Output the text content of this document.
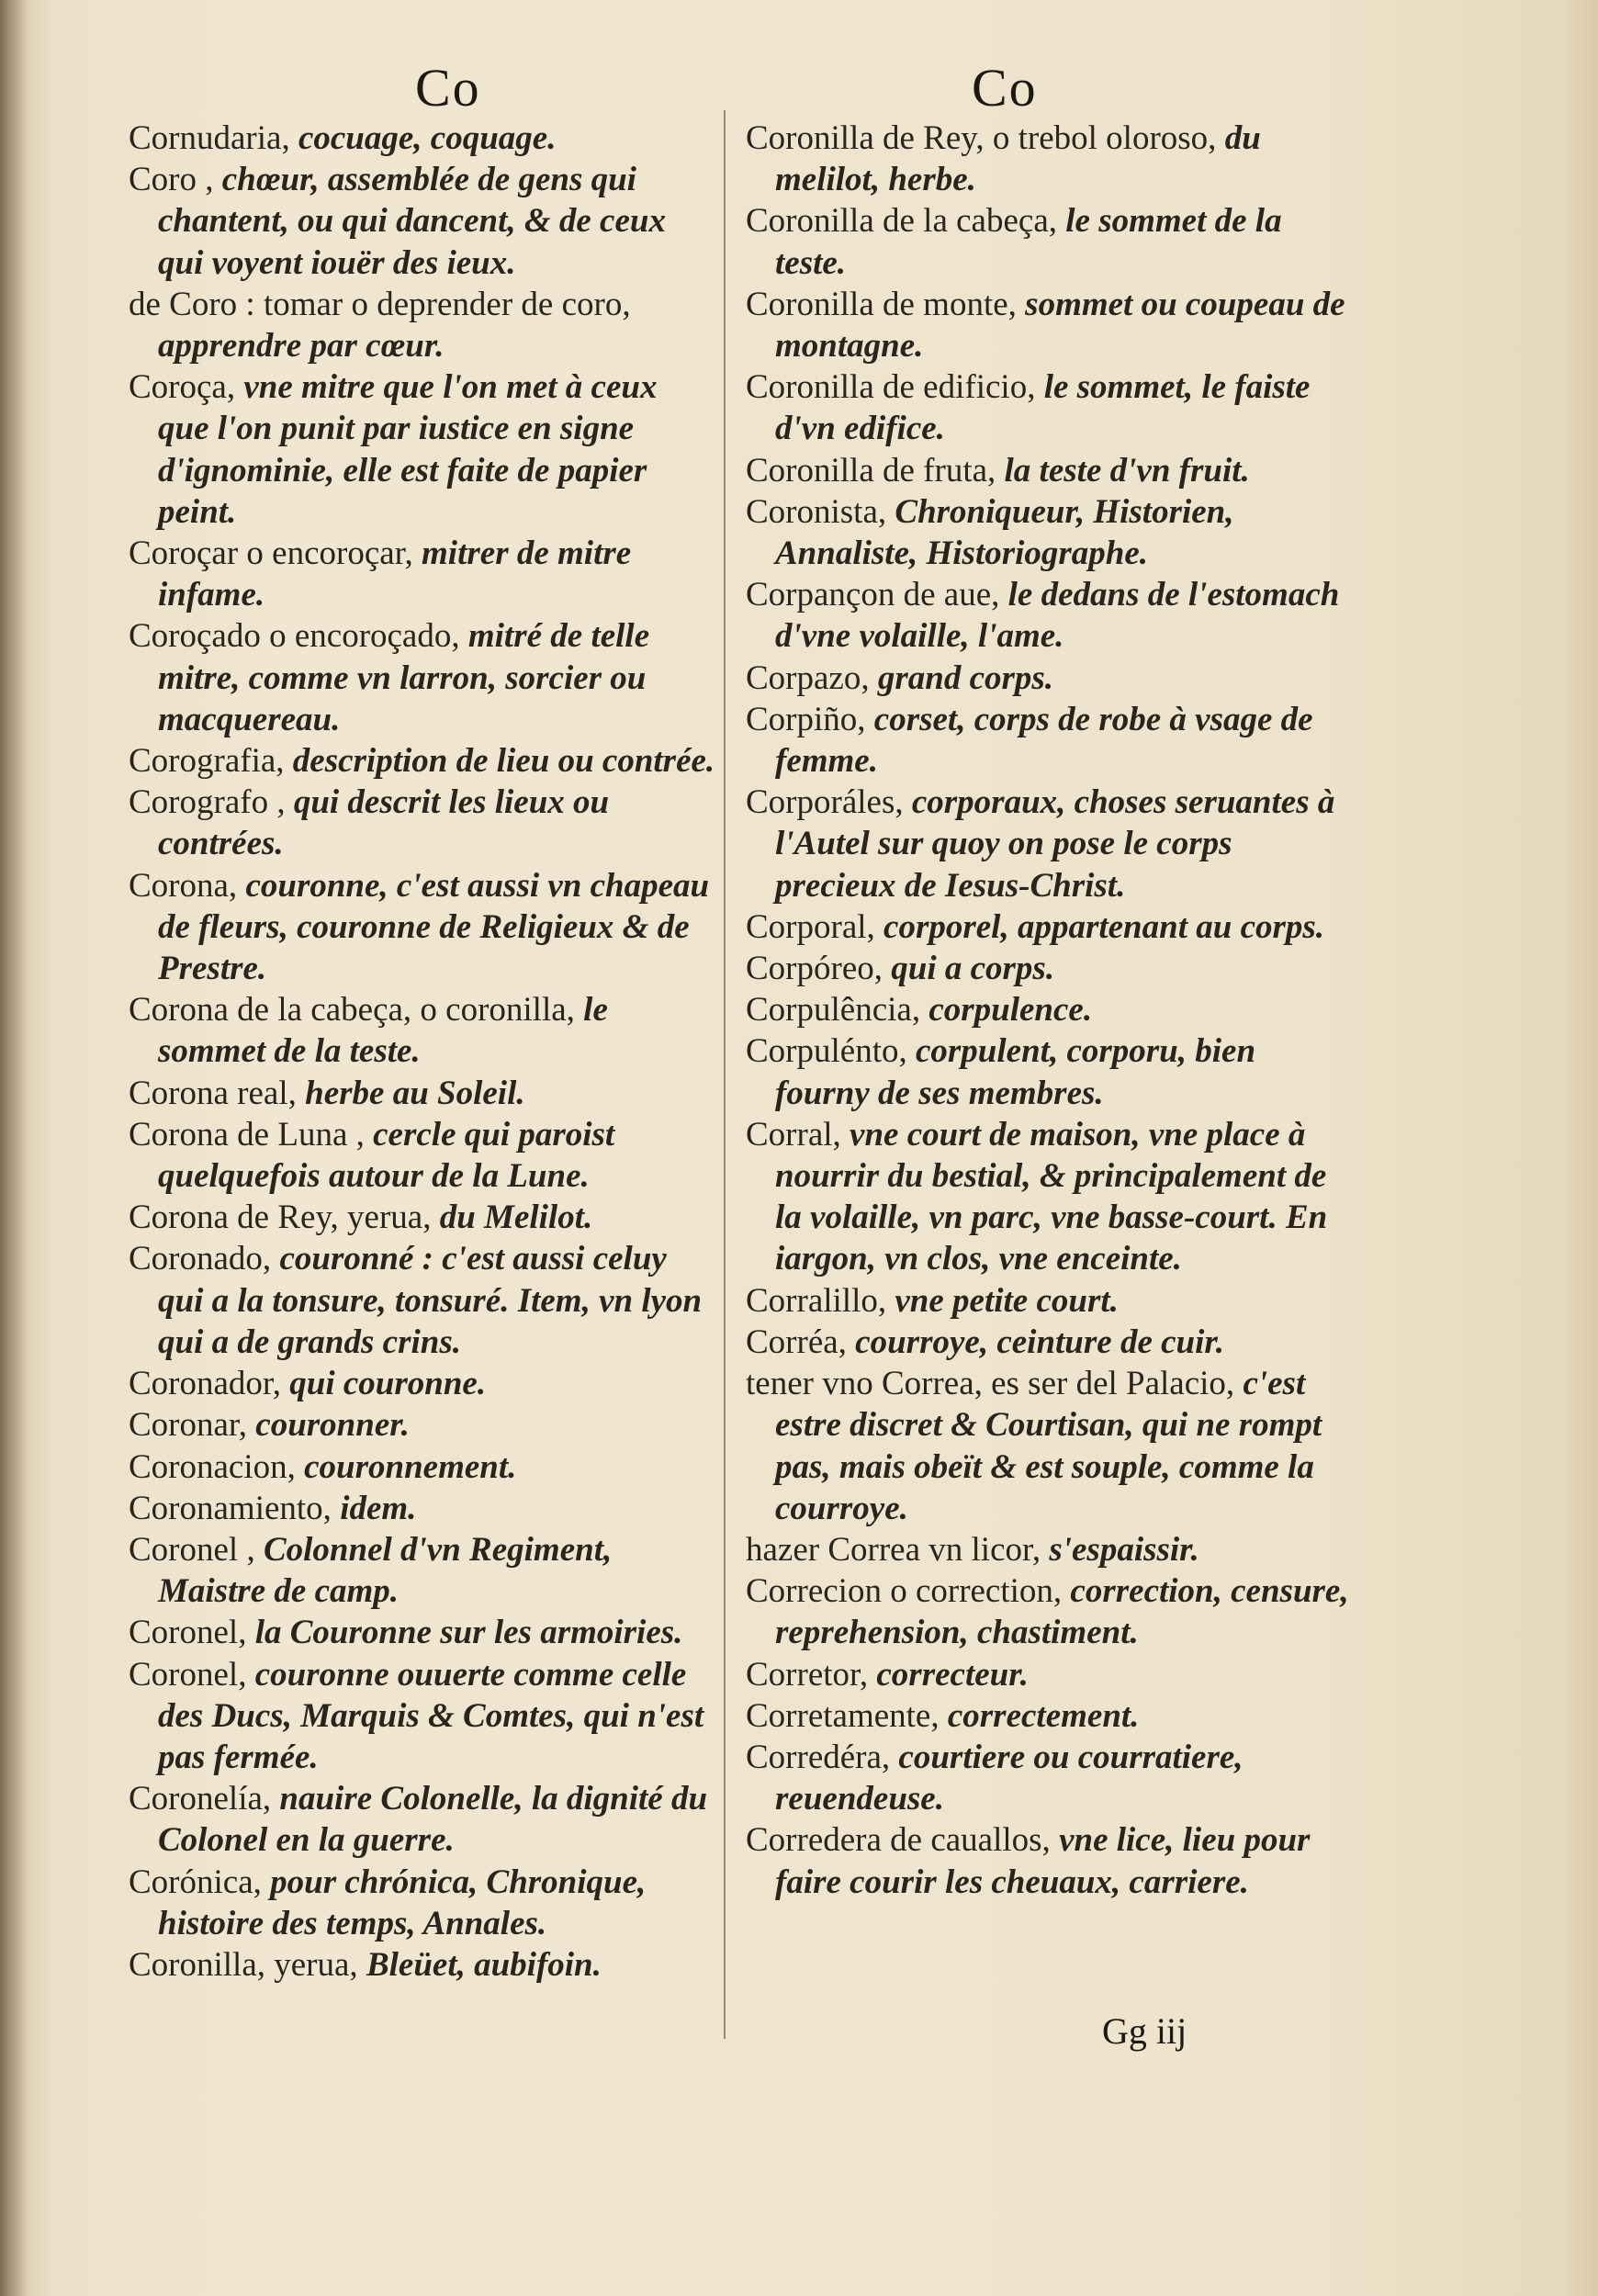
Co	Co

Cornudaria, cocuage, coquage.

Coro , chœur, assemblée de gens qui chantent, ou qui dancent, & de ceux qui voyent iouër des ieux.

de Coro : tomar o deprender de coro, apprendre par cœur.

Coroça, vne mitre que l'on met à ceux que l'on punit par iustice en signe d'ignominie, elle est faite de papier peint.

Coroçar o encoroçar, mitrer de mitre infame.

Coroçado o encoroçado, mitré de telle mitre, comme vn larron, sorcier ou macquereau.

Corografia, description de lieu ou contrée.

Corografo , qui descrit les lieux ou contrées.

Corona, couronne, c'est aussi vn chapeau de fleurs, couronne de Religieux & de Prestre.

Corona de la cabeça, o coronilla, le sommet de la teste.

Corona real, herbe au Soleil.

Corona de Luna , cercle qui paroist quelquefois autour de la Lune.

Corona de Rey, yerua, du Melilot.

Coronado, couronné : c'est aussi celuy qui a la tonsure, tonsuré. Item, vn lyon qui a de grands crins.

Coronador, qui couronne.

Coronar, couronner.

Coronacion, couronnement.

Coronamiento, idem.

Coronel , Colonnel d'vn Regiment, Maistre de camp.

Coronel, la Couronne sur les armoiries.

Coronel, couronne ouuerte comme celle des Ducs, Marquis & Comtes, qui n'est pas fermée.

Coronelía, nauire Colonelle, la dignité du Colonel en la guerre.

Corónica, pour chrónica, Chronique, histoire des temps, Annales.

Coronilla, yerua, Bleüet, aubifoin.

Coronilla de Rey, o trebol oloroso, du melilot, herbe.

Coronilla de la cabeça, le sommet de la teste.

Coronilla de monte, sommet ou coupeau de montagne.

Coronilla de edificio, le sommet, le faiste d'vn edifice.

Coronilla de fruta, la teste d'vn fruit.

Coronista, Chroniqueur, Historien, Annaliste, Historiographe.

Corpançon de aue, le dedans de l'estomach d'vne volaille, l'ame.

Corpazo, grand corps.

Corpiño, corset, corps de robe à vsage de femme.

Corporáles, corporaux, choses seruantes à l'Autel sur quoy on pose le corps precieux de Iesus-Christ.

Corporal, corporel, appartenant au corps.

Corpóreo, qui a corps.

Corpulência, corpulence.

Corpulénto, corpulent, corporu, bien fourny de ses membres.

Corral, vne court de maison, vne place à nourrir du bestial, & principalement de la volaille, vn parc, vne basse-court. En iargon, vn clos, vne enceinte.

Corralillo, vne petite court.

Corréa, courroye, ceinture de cuir.

tener vno Correa, es ser del Palacio, c'est estre discret & Courtisan, qui ne rompt pas, mais obeït & est souple, comme la courroye.

hazer Correa vn licor, s'espaissir.

Correcion o correction, correction, censure, reprehension, chastiment.

Corretor, correcteur.

Corretamente, correctement.

Corredéra, courtiere ou courratiere, reuendeuse.

Corredera de cauallos, vne lice, lieu pour faire courir les cheuaux, carriere.

Gg iij
